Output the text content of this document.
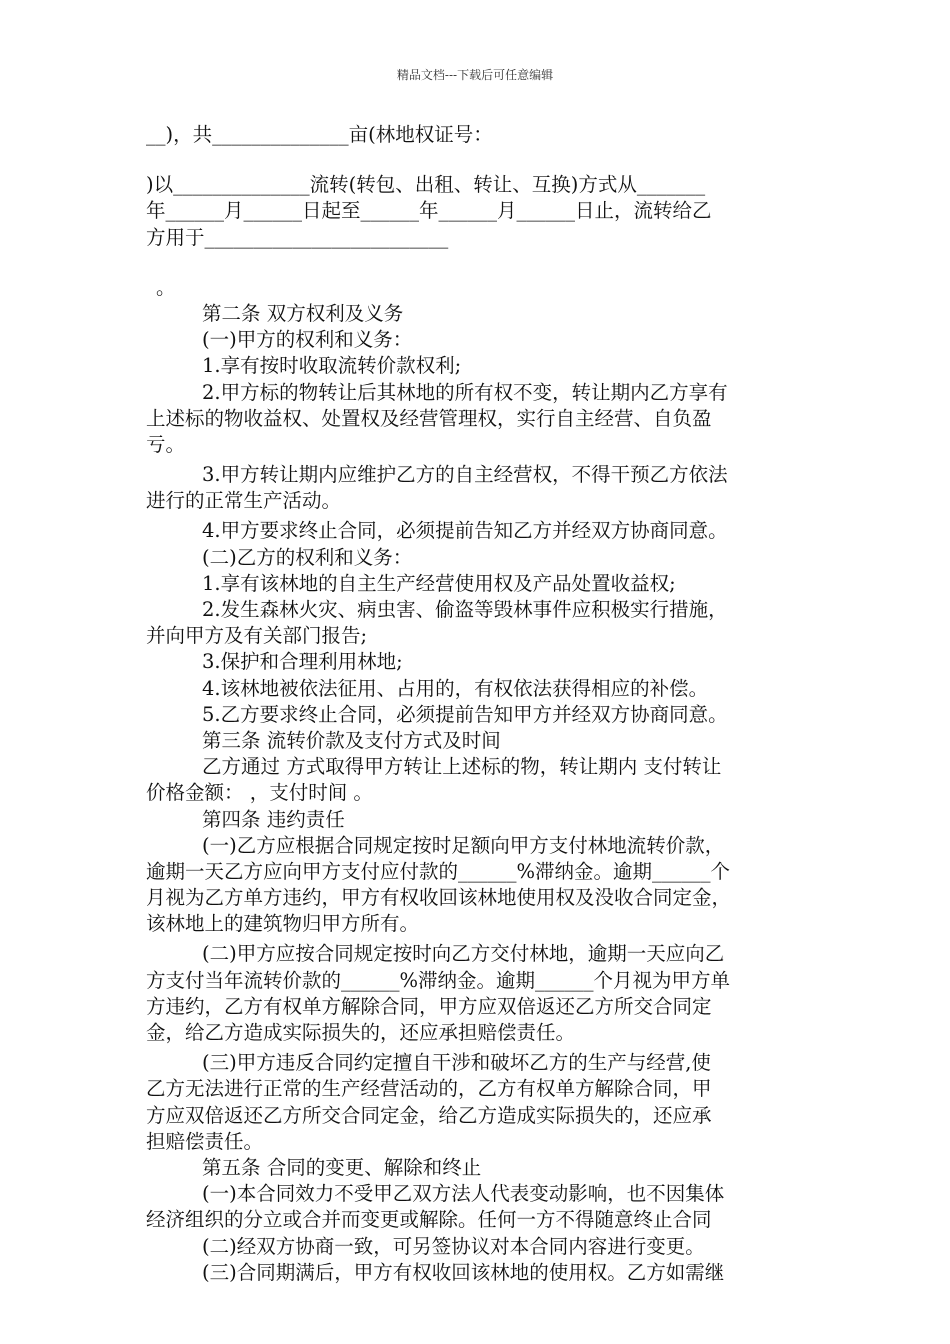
精品文档---下载后可任意编辑
__)，共______________亩(林地权证号：
)以______________流转(转包、出租、转让、互换)方式从_______
年______月______日起至______年______月______日止，流转给乙
方用于_________________________
。
第二条 双方权利及义务
(一)甲方的权利和义务：
1.享有按时收取流转价款权利;
2.甲方标的物转让后其林地的所有权不变，转让期内乙方享有
上述标的物收益权、处置权及经营管理权，实行自主经营、自负盈
亏。
3.甲方转让期内应维护乙方的自主经营权，不得干预乙方依法
进行的正常生产活动。
4.甲方要求终止合同，必须提前告知乙方并经双方协商同意。
(二)乙方的权利和义务：
1.享有该林地的自主生产经营使用权及产品处置收益权;
2.发生森林火灾、病虫害、偷盗等毁林事件应积极实行措施，
并向甲方及有关部门报告;
3.保护和合理利用林地;
4.该林地被依法征用、占用的，有权依法获得相应的补偿。
5.乙方要求终止合同，必须提前告知甲方并经双方协商同意。
第三条 流转价款及支付方式及时间
乙方通过 方式取得甲方转让上述标的物，转让期内 支付转让
价格金额： ，支付时间 。
第四条 违约责任
(一)乙方应根据合同规定按时足额向甲方支付林地流转价款，
逾期一天乙方应向甲方支付应付款的______%滞纳金。逾期______个
月视为乙方单方违约，甲方有权收回该林地使用权及没收合同定金，
该林地上的建筑物归甲方所有。
(二)甲方应按合同规定按时向乙方交付林地，逾期一天应向乙
方支付当年流转价款的______%滞纳金。逾期______个月视为甲方单
方违约，乙方有权单方解除合同，甲方应双倍返还乙方所交合同定
金，给乙方造成实际损失的，还应承担赔偿责任。
(三)甲方违反合同约定擅自干涉和破坏乙方的生产与经营,使
乙方无法进行正常的生产经营活动的，乙方有权单方解除合同，甲
方应双倍返还乙方所交合同定金，给乙方造成实际损失的，还应承
担赔偿责任。
第五条 合同的变更、解除和终止
(一)本合同效力不受甲乙双方法人代表变动影响，也不因集体
经济组织的分立或合并而变更或解除。任何一方不得随意终止合同
(二)经双方协商一致，可另签协议对本合同内容进行变更。
(三)合同期满后，甲方有权收回该林地的使用权。乙方如需继
